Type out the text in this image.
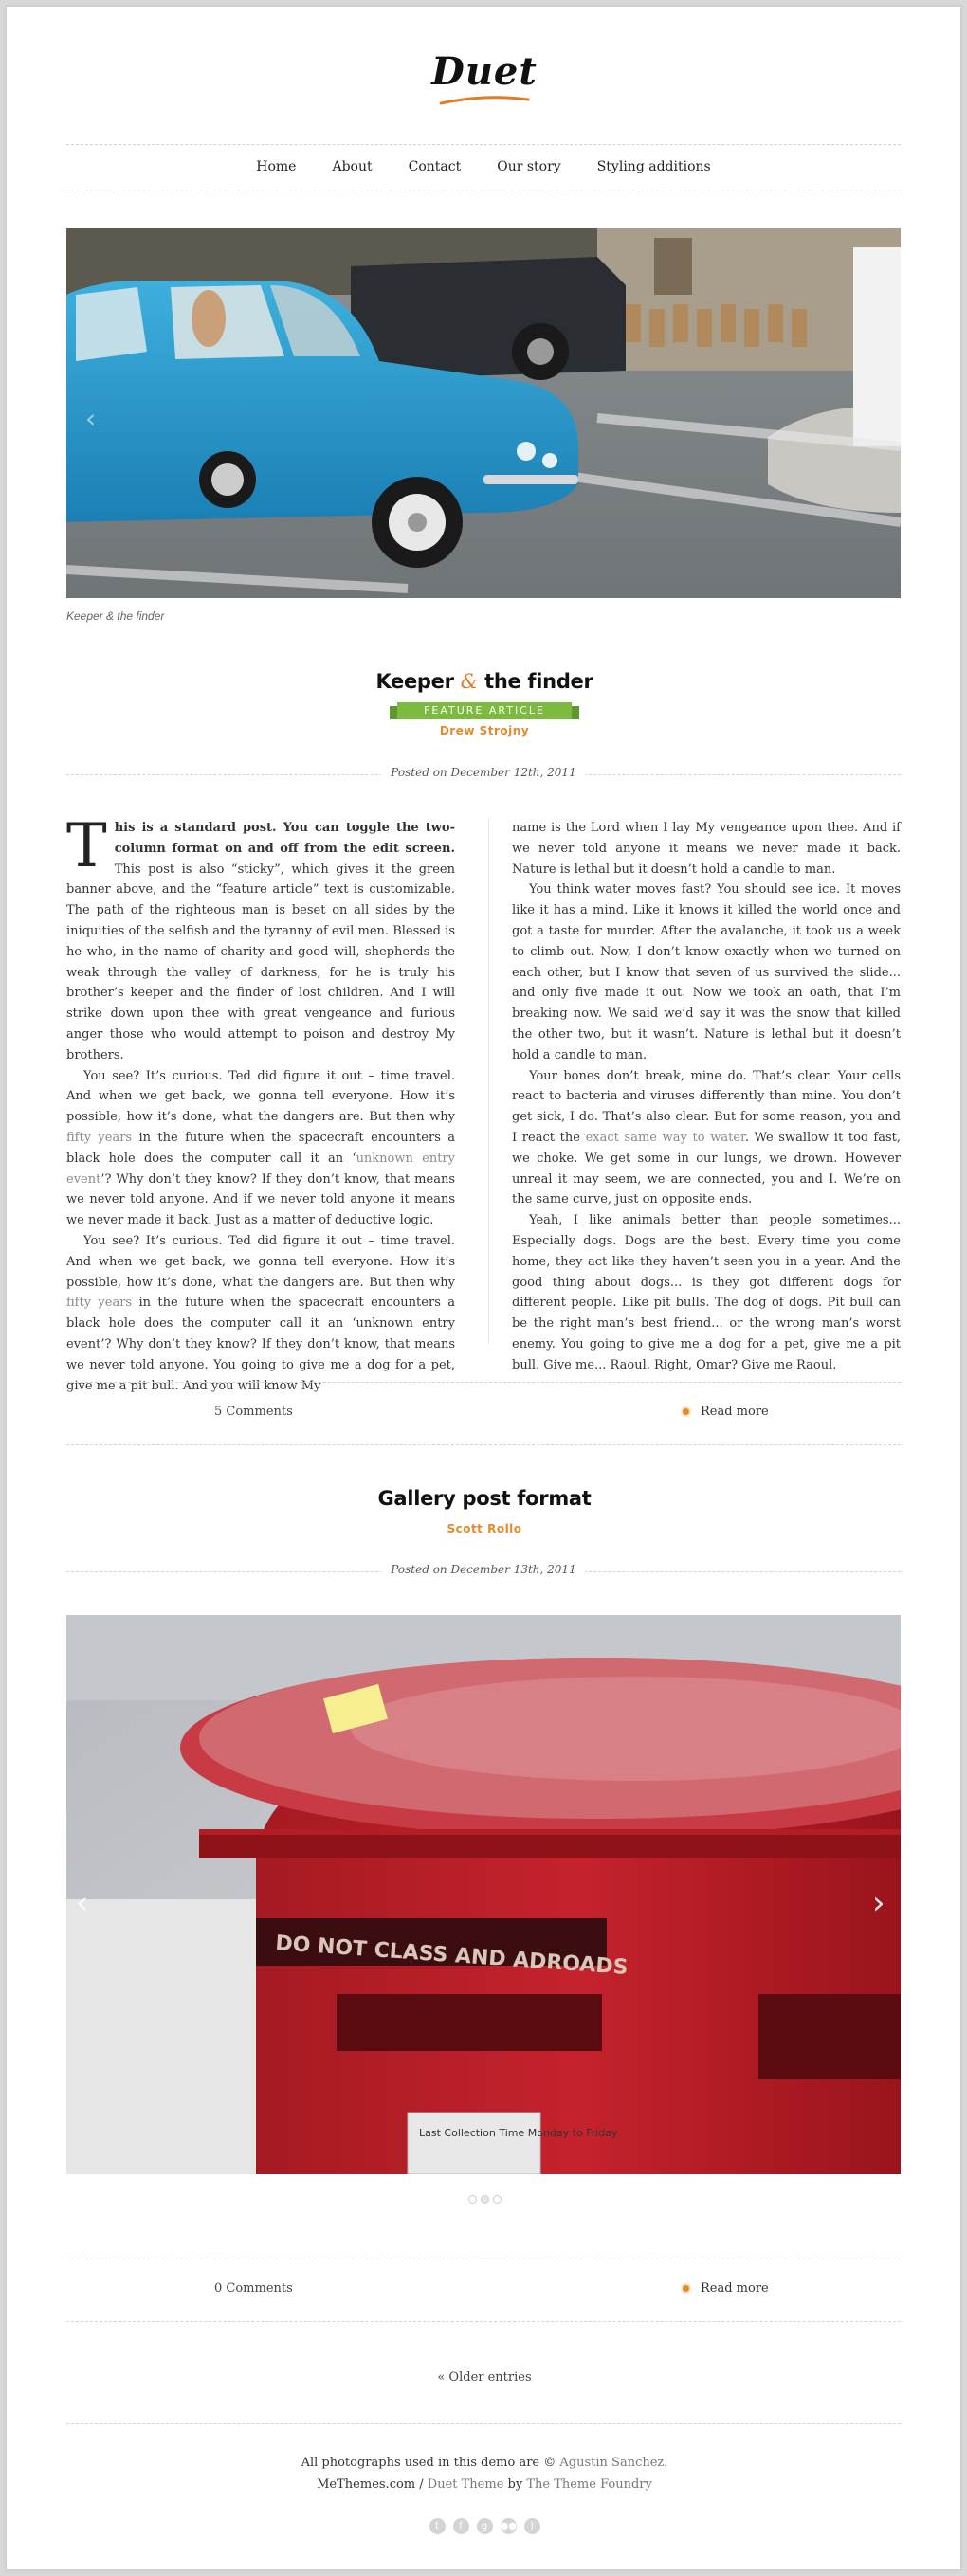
Duet
Home	About	Contact	Our story	Styling additions
‹
Keeper & the finder
Keeper & the finder
FEATURE ARTICLE
Drew Strojny
Posted on December 12th, 2011

This is a standard post. You can toggle the two-column format on and off from the edit screen. This post is also “sticky”, which gives it the green banner above, and the “feature article” text is customizable. The path of the righteous man is beset on all sides by the iniquities of the selfish and the tyranny of evil men. Blessed is he who, in the name of charity and good will, shepherds the weak through the valley of darkness, for he is truly his brother’s keeper and the finder of lost children. And I will strike down upon thee with great vengeance and furious anger those who would attempt to poison and destroy My brothers.

You see? It’s curious. Ted did figure it out – time travel. And when we get back, we gonna tell everyone. How it’s possible, how it’s done, what the dangers are. But then why fifty years in the future when the spacecraft encounters a black hole does the computer call it an ‘unknown entry event’? Why don’t they know? If they don’t know, that means we never told anyone. And if we never told anyone it means we never made it back. Just as a matter of deductive logic.

You see? It’s curious. Ted did figure it out – time travel. And when we get back, we gonna tell everyone. How it’s possible, how it’s done, what the dangers are. But then why fifty years in the future when the spacecraft encounters a black hole does the computer call it an ‘unknown entry event’? Why don’t they know? If they don’t know, that means we never told anyone. You going to give me a dog for a pet, give me a pit bull. And you will know My

name is the Lord when I lay My vengeance upon thee. And if we never told anyone it means we never made it back. Nature is lethal but it doesn’t hold a candle to man.

You think water moves fast? You should see ice. It moves like it has a mind. Like it knows it killed the world once and got a taste for murder. After the avalanche, it took us a week to climb out. Now, I don’t know exactly when we turned on each other, but I know that seven of us survived the slide... and only five made it out. Now we took an oath, that I’m breaking now. We said we’d say it was the snow that killed the other two, but it wasn’t. Nature is lethal but it doesn’t hold a candle to man.

Your bones don’t break, mine do. That’s clear. Your cells react to bacteria and viruses differently than mine. You don’t get sick, I do. That’s also clear. But for some reason, you and I react the exact same way to water. We swallow it too fast, we choke. We get some in our lungs, we drown. However unreal it may seem, we are connected, you and I. We’re on the same curve, just on opposite ends.

Yeah, I like animals better than people sometimes... Especially dogs. Dogs are the best. Every time you come home, they act like they haven’t seen you in a year. And the good thing about dogs... is they got different dogs for different people. Like pit bulls. The dog of dogs. Pit bull can be the right man’s best friend... or the wrong man’s worst enemy. You going to give me a dog for a pet, give me a pit bull. Give me... Raoul. Right, Omar? Give me Raoul.

5 Comments	Read more
Gallery post format
Scott Rollo
Posted on December 13th, 2011
DO NOT CLASS AND ADROADS
Last Collection Time Monday to Friday
‹	›
0 Comments	Read more
« Older entries
All photographs used in this demo are © Agustin Sanchez.
MeThemes.com / Duet Theme by The Theme Foundry
t f g ●● )
